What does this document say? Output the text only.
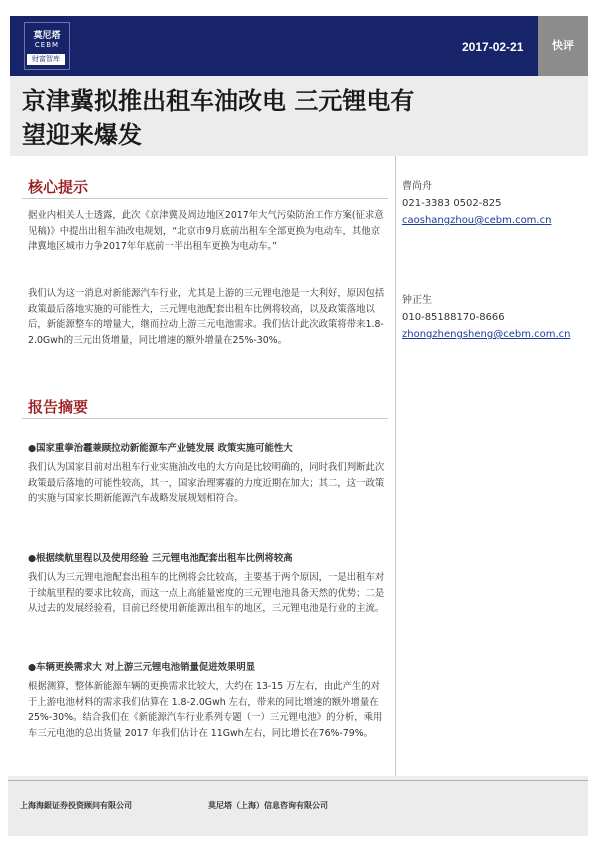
莫尼塔
CEBM
财富智库
2017-02-21	快评
京津冀拟推出租车油改电 三元锂电有
望迎来爆发
核心提示

据业内相关人士透露，此次《京津冀及周边地区2017年大气污染防治工作方案(征求意见稿)》中提出出租车油改电规划，“北京市9月底前出租车全部更换为电动车，其他京津冀地区城市力争2017年年底前一半出租车更换为电动车。”

我们认为这一消息对新能源汽车行业，尤其是上游的三元锂电池是一大利好，原因包括政策最后落地实施的可能性大，三元锂电池配套出租车比例将较高，以及政策落地以后，新能源整车的增量大，继而拉动上游三元电池需求。我们估计此次政策将带来1.8-2.0Gwh的三元出货增量，同比增速的额外增量在25%-30%。

报告摘要

●国家重拳治霾兼顾拉动新能源车产业链发展 政策实施可能性大

我们认为国家目前对出租车行业实施油改电的大方向是比较明确的，同时我们判断此次政策最后落地的可能性较高，其一，国家治理雾霾的力度近期在加大；其二，这一政策的实施与国家长期新能源汽车战略发展规划相符合。

●根据续航里程以及使用经验 三元锂电池配套出租车比例将较高

我们认为三元锂电池配套出租车的比例将会比较高，主要基于两个原因，一是出租车对于续航里程的要求比较高，而这一点上高能量密度的三元锂电池具备天然的优势；二是从过去的发展经验看，目前已经使用新能源出租车的地区，三元锂电池是行业的主流。

●车辆更换需求大 对上游三元锂电池销量促进效果明显

根据测算，整体新能源车辆的更换需求比较大，大约在 13-15 万左右，由此产生的对于上游电池材料的需求我们估算在 1.8-2.0Gwh 左右，带来的同比增速的额外增量在 25%-30%。结合我们在《新能源汽车行业系列专题（一）三元锂电池》的分析，乘用车三元电池的总出货量 2017 年我们估计在 11Gwh左右，同比增长在76%-79%。

曹尚舟
021-3383 0502-825
caoshangzhou@cebm.com.cn
钟正生
010-85188170-8666
zhongzhengsheng@cebm.com.cn
上海海銀证券投资顾问有限公司	莫尼塔（上海）信息咨询有限公司
